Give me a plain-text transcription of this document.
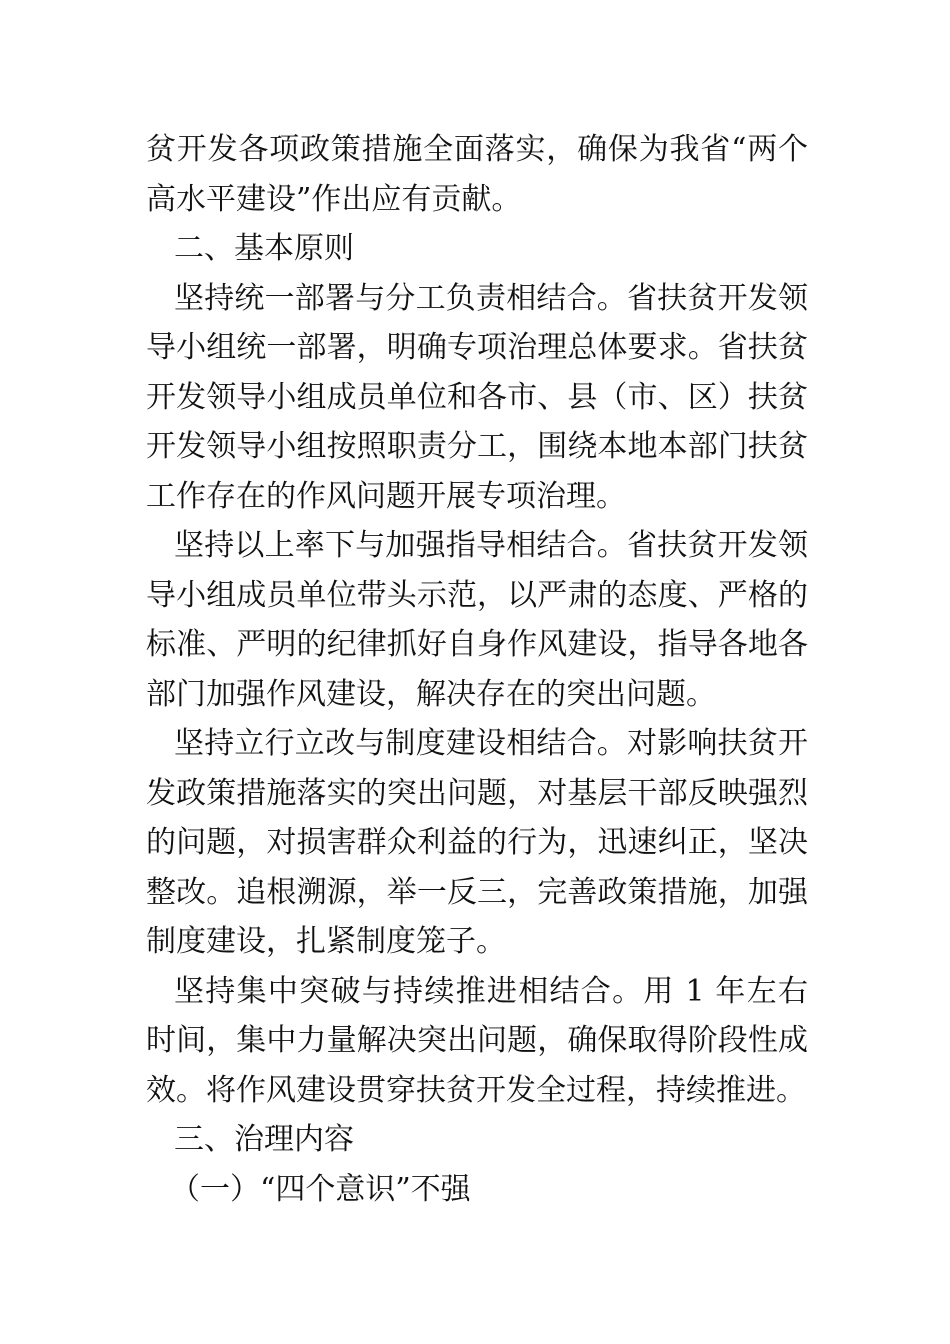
贫开发各项政策措施全面落实，确保为我省“两个高水平建设”作出应有贡献。

二、基本原则

坚持统一部署与分工负责相结合。省扶贫开发领导小组统一部署，明确专项治理总体要求。省扶贫开发领导小组成员单位和各市、县（市、区）扶贫开发领导小组按照职责分工，围绕本地本部门扶贫工作存在的作风问题开展专项治理。

坚持以上率下与加强指导相结合。省扶贫开发领导小组成员单位带头示范，以严肃的态度、严格的标准、严明的纪律抓好自身作风建设，指导各地各部门加强作风建设，解决存在的突出问题。

坚持立行立改与制度建设相结合。对影响扶贫开发政策措施落实的突出问题，对基层干部反映强烈的问题，对损害群众利益的行为，迅速纠正，坚决整改。追根溯源，举一反三，完善政策措施，加强制度建设，扎紧制度笼子。

坚持集中突破与持续推进相结合。用 1 年左右时间，集中力量解决突出问题，确保取得阶段性成效。将作风建设贯穿扶贫开发全过程，持续推进。

三、治理内容

（一）“四个意识”不强
